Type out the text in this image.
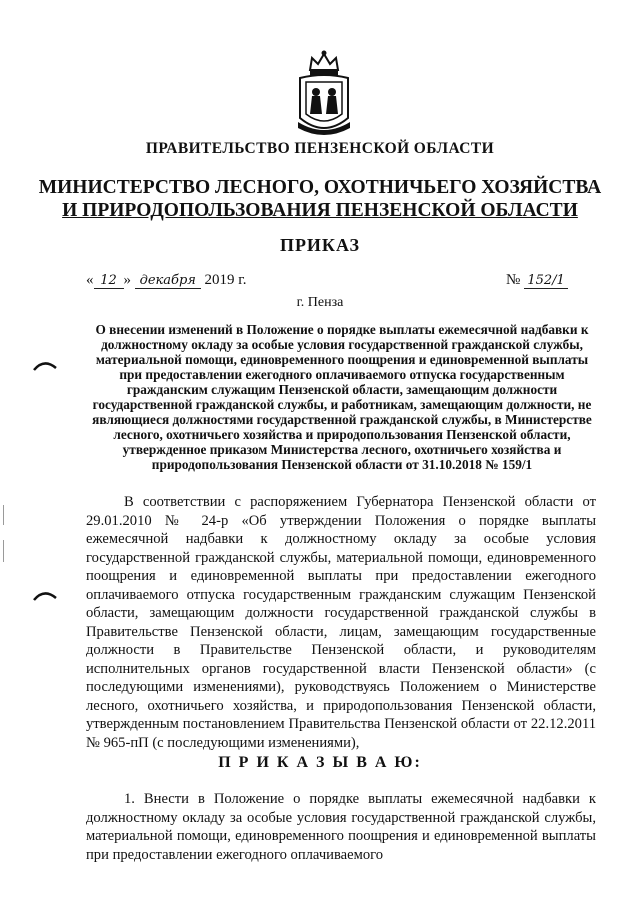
ПРАВИТЕЛЬСТВО ПЕНЗЕНСКОЙ ОБЛАСТИ
МИНИСТЕРСТВО ЛЕСНОГО, ОХОТНИЧЬЕГО ХОЗЯЙСТВА
И ПРИРОДОПОЛЬЗОВАНИЯ ПЕНЗЕНСКОЙ ОБЛАСТИ
ПРИКАЗ
« 12 » декабря 2019 г.	№ 152/1
г. Пенза
О внесении изменений в Положение о порядке выплаты ежемесячной надбавки к должностному окладу за особые условия государственной гражданской службы, материальной помощи, единовременного поощрения и единовременной выплаты при предоставлении ежегодного оплачиваемого отпуска государственным гражданским служащим Пензенской области, замещающим должности государственной гражданской службы, и работникам, замещающим должности, не являющиеся должностями государственной гражданской службы, в Министерстве лесного, охотничьего хозяйства и природопользования Пензенской области, утвержденное приказом Министерства лесного, охотничьего хозяйства и природопользования Пензенской области от 31.10.2018 № 159/1
В соответствии с распоряжением Губернатора Пензенской области от 29.01.2010 № 24-р «Об утверждении Положения о порядке выплаты ежемесячной надбавки к должностному окладу за особые условия государственной гражданской службы, материальной помощи, единовременного поощрения и единовременной выплаты при предоставлении ежегодного оплачиваемого отпуска государственным гражданским служащим Пензенской области, замещающим должности государственной гражданской службы в Правительстве Пензенской области, лицам, замещающим государственные должности в Правительстве Пензенской области, и руководителям исполнительных органов государственной власти Пензенской области» (с последующими изменениями), руководствуясь Положением о Министерстве лесного, охотничьего хозяйства, и природопользования Пензенской области, утвержденным постановлением Правительства Пензенской области от 22.12.2011 № 965-пП (с последующими изменениями),
П Р И К А З Ы В А Ю:
1. Внести в Положение о порядке выплаты ежемесячной надбавки к должностному окладу за особые условия государственной гражданской службы, материальной помощи, единовременного поощрения и единовременной выплаты при предоставлении ежегодного оплачиваемого
